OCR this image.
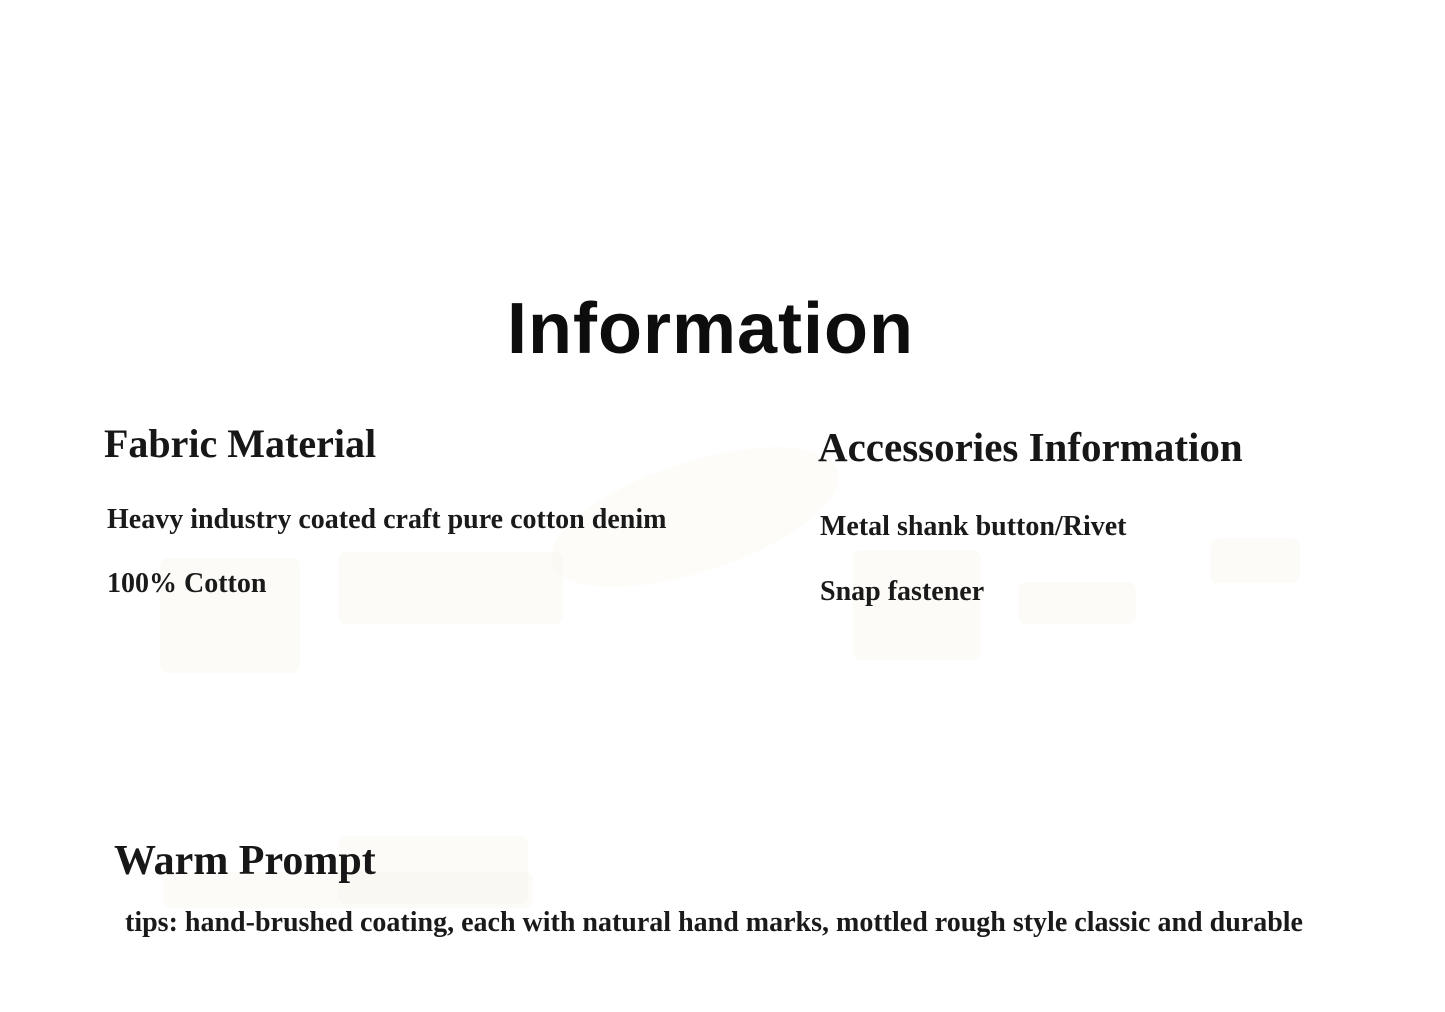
Information
Fabric Material

Heavy industry coated craft pure cotton denim

100% Cotton

Accessories Information

Metal shank button/Rivet

Snap fastener

Warm Prompt

tips: hand-brushed coating, each with natural hand marks, mottled rough style classic and durable
